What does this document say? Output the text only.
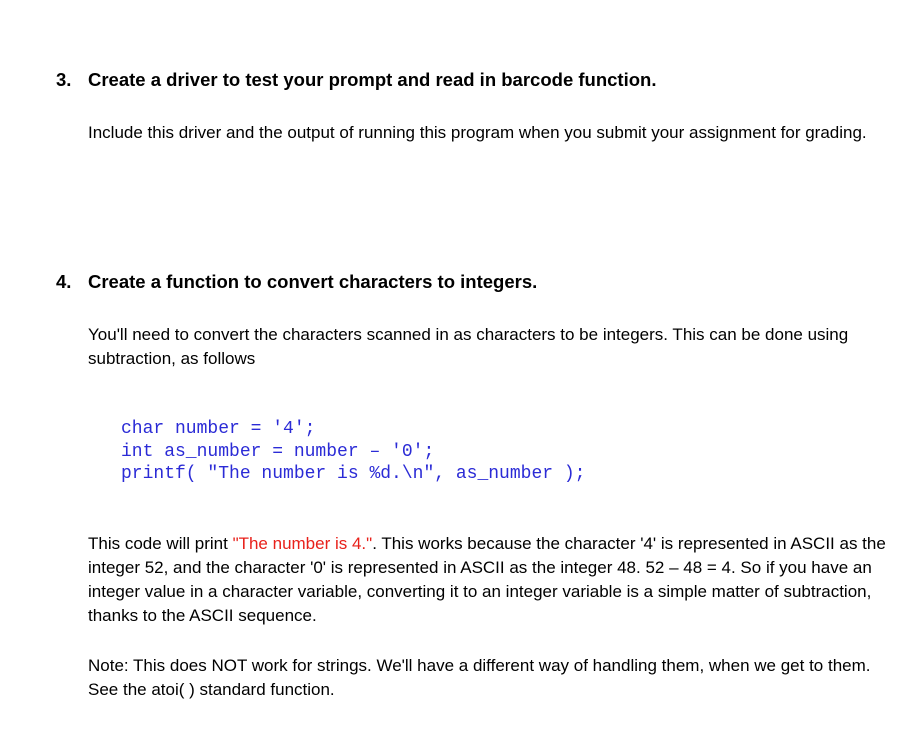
3. Create a driver to test your prompt and read in barcode function.
Include this driver and the output of running this program when you submit your assignment for grading.
4. Create a function to convert characters to integers.
You'll need to convert the characters scanned in as characters to be integers. This can be done using subtraction, as follows
char number = '4';
int as_number = number – '0';
printf( "The number is %d.\n", as_number );
This code will print "The number is 4.". This works because the character '4' is represented in ASCII as the integer 52, and the character '0' is represented in ASCII as the integer 48. 52 – 48 = 4. So if you have an integer value in a character variable, converting it to an integer variable is a simple matter of subtraction, thanks to the ASCII sequence.
Note: This does NOT work for strings. We'll have a different way of handling them, when we get to them. See the atoi( ) standard function.
